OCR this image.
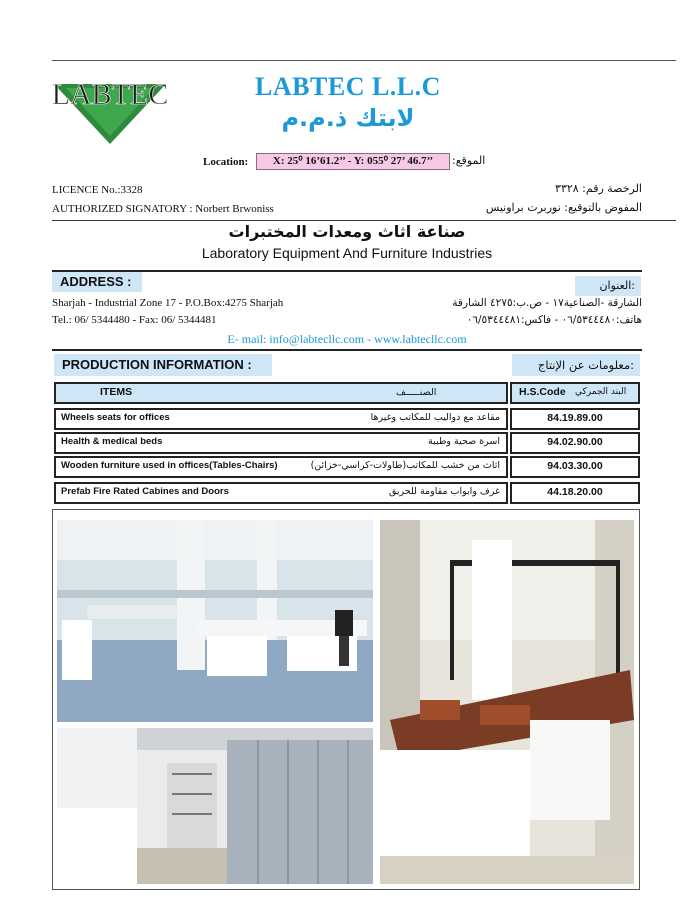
LABTEC	LABTEC L.L.C
لابتك ذ.م.م
Location:	X: 25⁰ 16’61.2’’ - Y: 055⁰ 27’ 46.7’’	الموقع:
LICENCE No.:3328
AUTHORIZED SIGNATORY : Norbert Brwoniss
الرخصة رقم: ٣٣٢٨
المفوض بالتوقيع: نوربرت براونيس
صناعة اثاث ومعدات المختبرات
Laboratory Equipment And Furniture Industries
ADDRESS :	:العنوان
Sharjah - Industrial Zone 17 - P.O.Box:4275 Sharjah
Tel.: 06/ 5344480 - Fax: 06/ 5344481
الشارقة -الصناعية١٧ - ص.ب:٤٢٧٥ الشارقة
هاتف:٠٦/٥٣٤٤٤٨٠ - فاكس:٠٦/٥٣٤٤٤٨١
E- mail: info@labtecllc.com - www.labtecllc.com
PRODUCTION INFORMATION :	:معلومات عن الإنتاج
ITEMS	الصنـــــف	H.S.Code البند الجمركي
Wheels seats for offices	مقاعد مع دواليب للمكاتب وغيرها	84.19.89.00
Health & medical beds	اسرة صحية وطبية	94.02.90.00
Wooden furniture used in offices(Tables-Chairs)	اثاث من خشب للمكاتب(طاولات-كراسي-خزائن)	94.03.30.00
Prefab Fire Rated Cabines and Doors	غرف وابواب مقاومة للحريق	44.18.20.00
